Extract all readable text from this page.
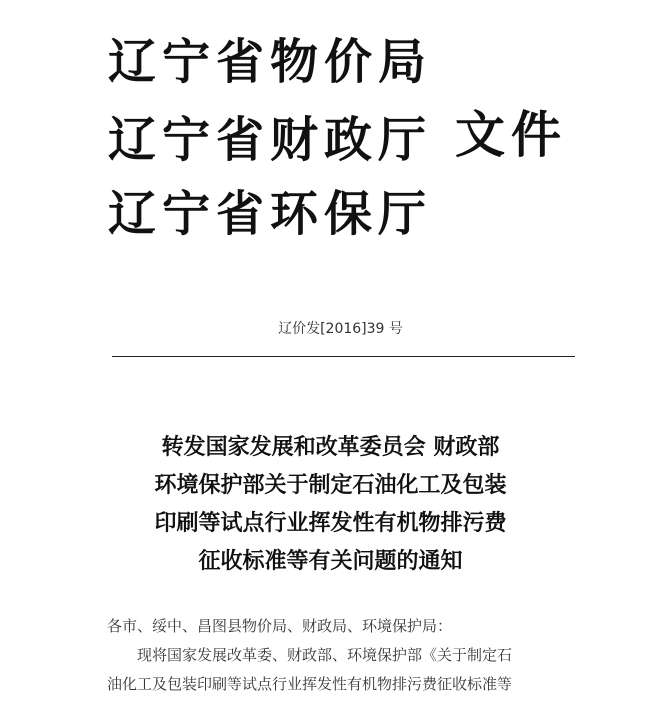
辽宁省物价局
辽宁省财政厅
辽宁省环保厅
文件
辽价发[2016]39 号
转发国家发展和改革委员会 财政部
环境保护部关于制定石油化工及包装
印刷等试点行业挥发性有机物排污费
征收标准等有关问题的通知
各市、绥中、昌图县物价局、财政局、环境保护局：
现将国家发展改革委、财政部、环境保护部《关于制定石
油化工及包装印刷等试点行业挥发性有机物排污费征收标准等
